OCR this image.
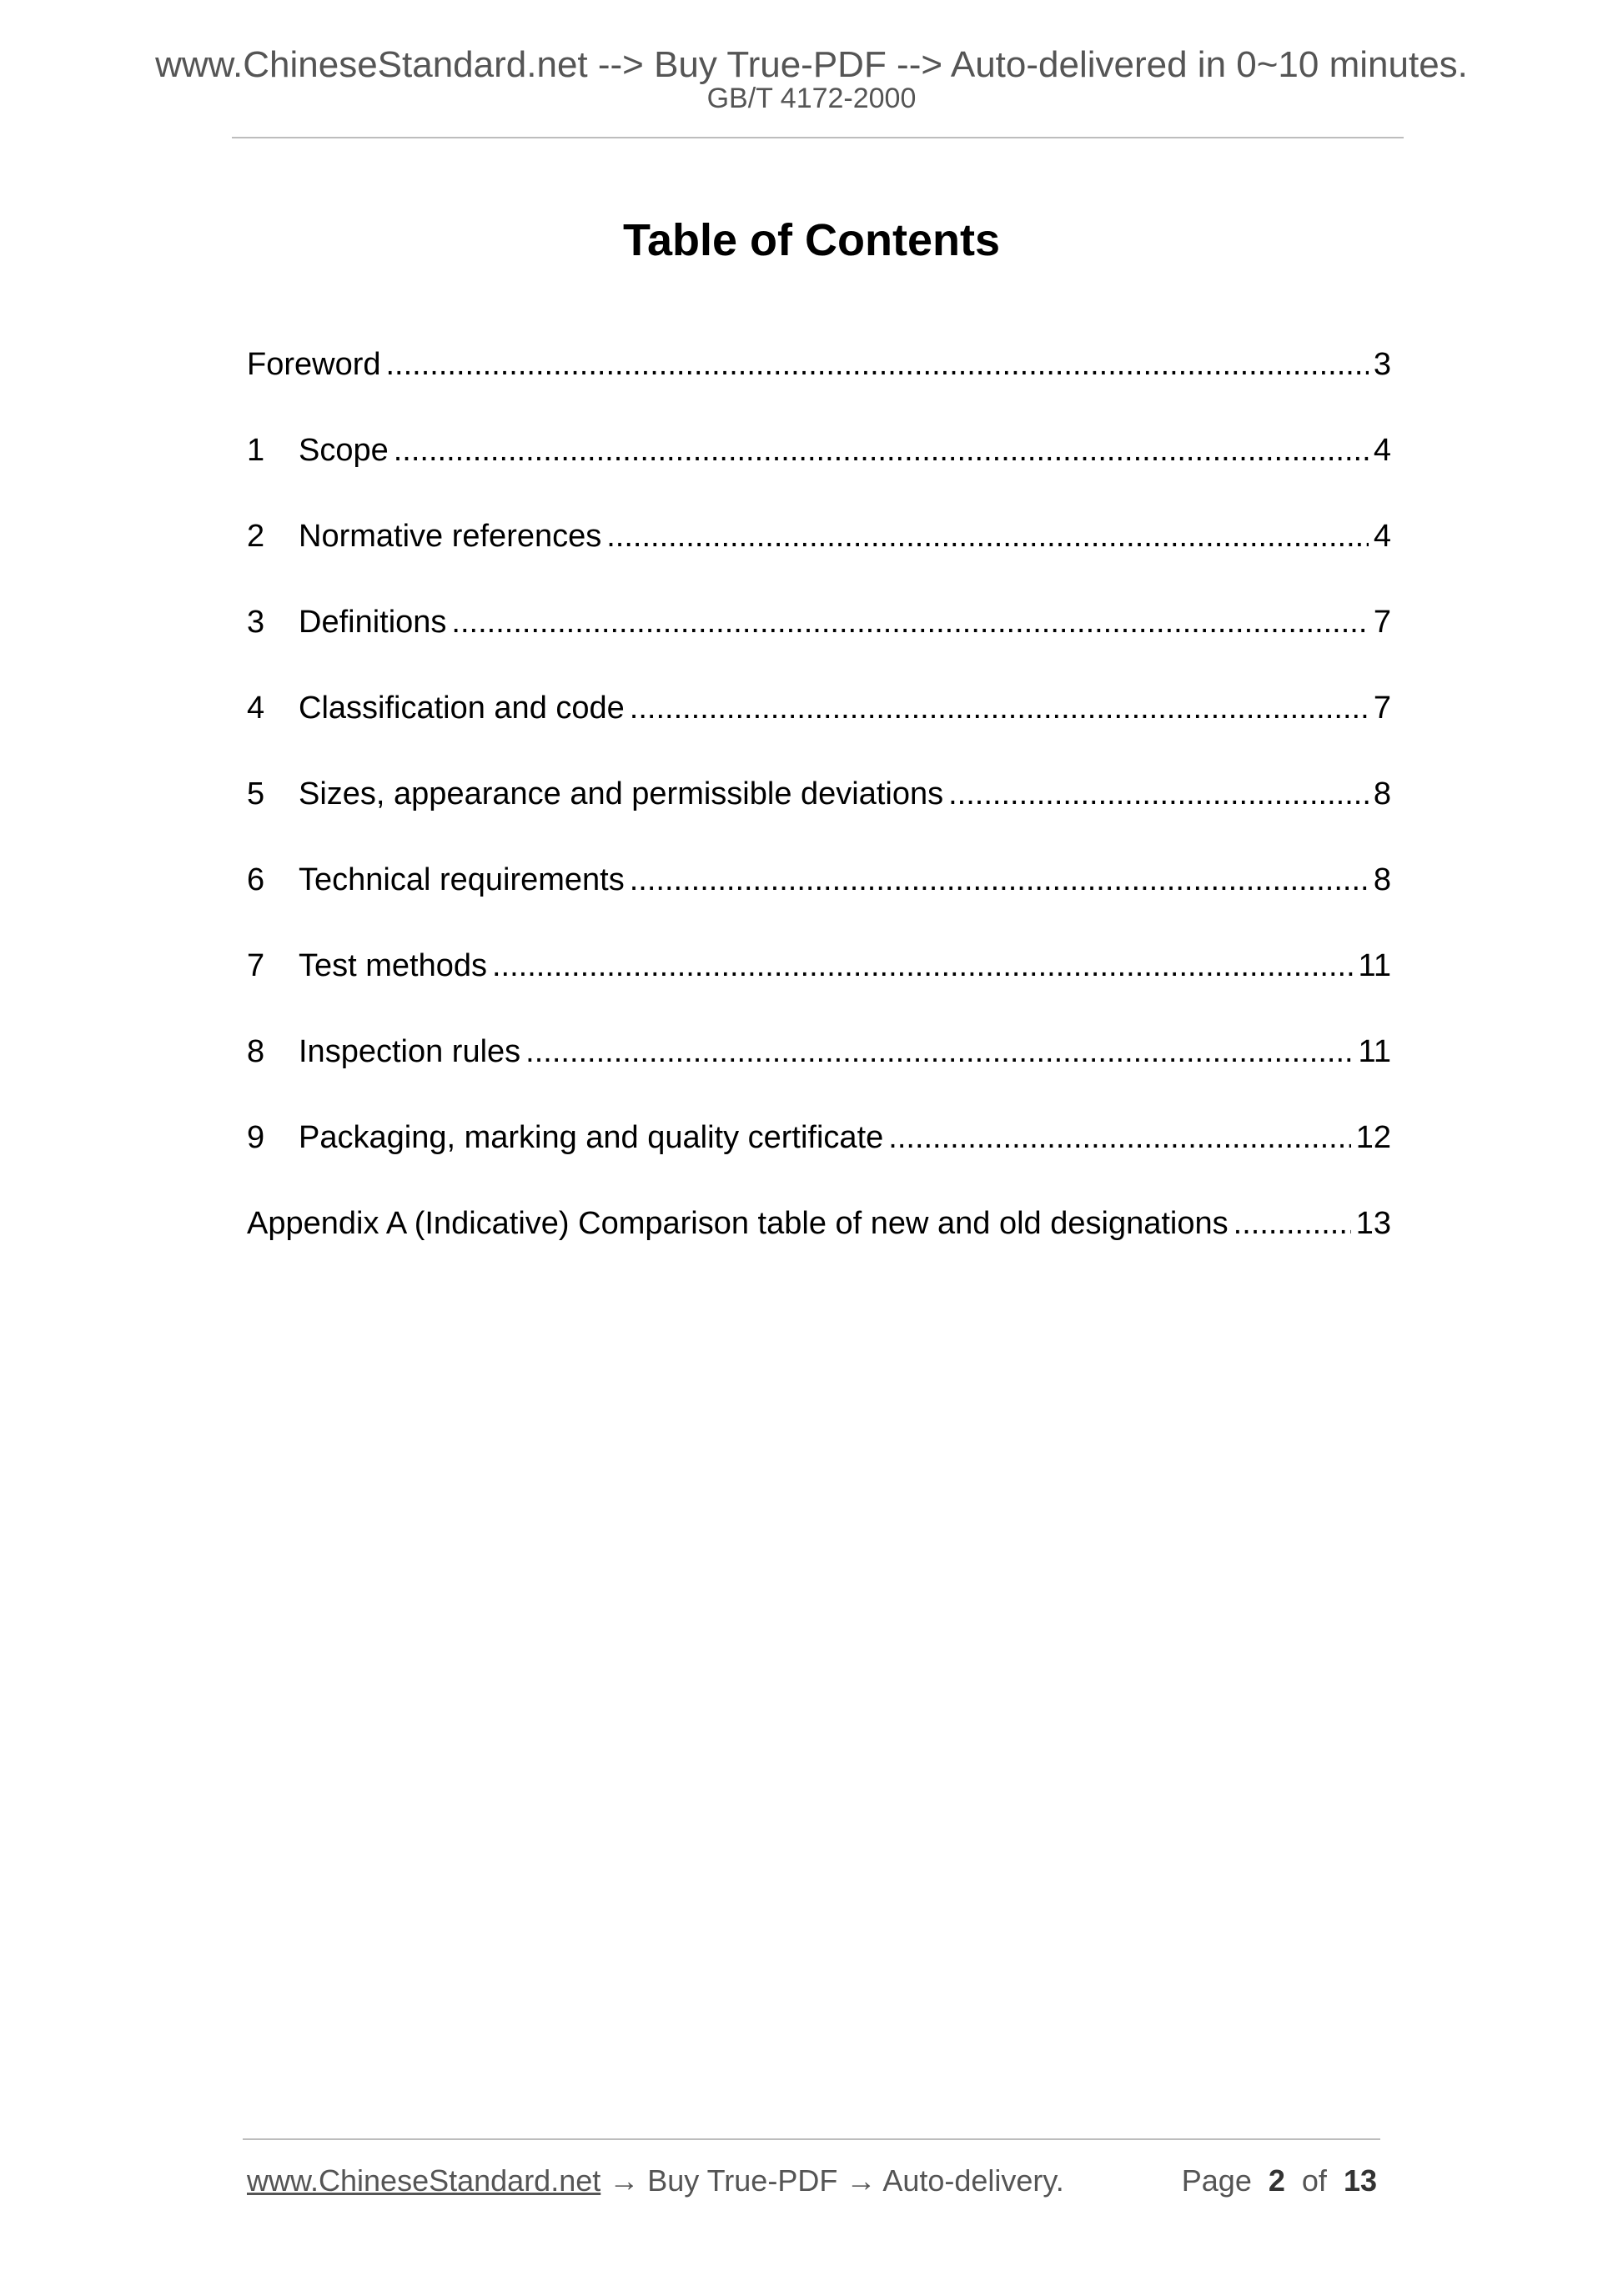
www.ChineseStandard.net --> Buy True-PDF --> Auto-delivered in 0~10 minutes.
GB/T 4172-2000
Table of Contents
Foreword .....	3
1	Scope .....	4
2	Normative references .....	4
3	Definitions .....	7
4	Classification and code .....	7
5	Sizes, appearance and permissible deviations .....	8
6	Technical requirements .....	8
7	Test methods .....	11
8	Inspection rules .....	11
9	Packaging, marking and quality certificate .....	12
Appendix A (Indicative) Comparison table of new and old designations .....	13
www.ChineseStandard.net → Buy True-PDF → Auto-delivery.	Page 2 of 13
